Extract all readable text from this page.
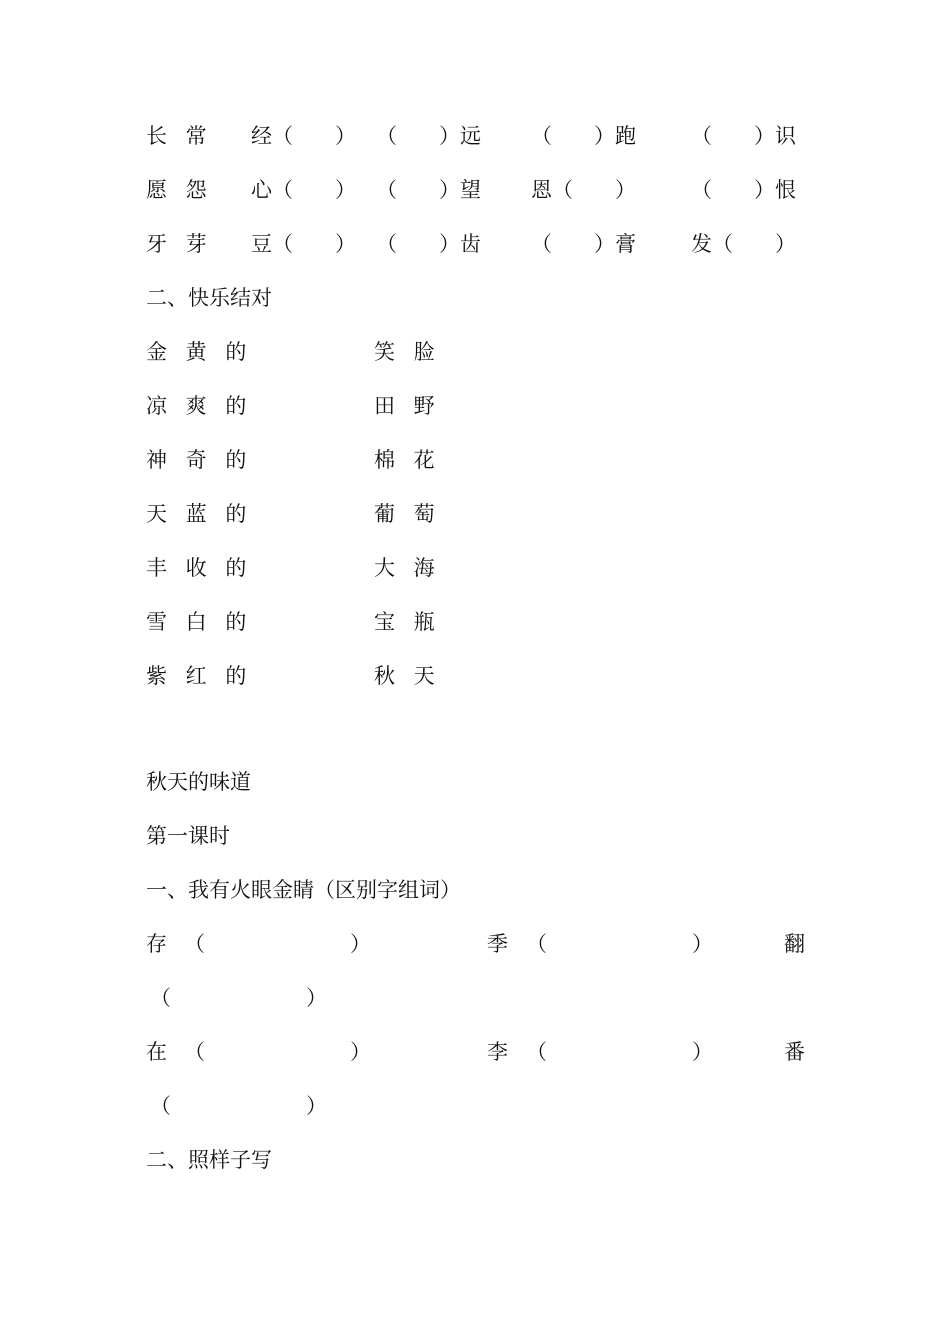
长 常 经（　　） （　　）远 （　　）跑	（　　）识
愿 怨 心（　　） （　　）望 恩（　　）	（　　）恨
牙 芽 豆（　　） （　　）齿 （　　）膏	发（　　）
二、快乐结对
金 黄 的	笑 脸
凉 爽 的	田 野
神 奇 的	棉 花
天 蓝 的	葡 萄
丰 收 的	大 海
雪 白 的	宝 瓶
紫 红 的	秋 天
秋天的味道
第一课时
一、我有火眼金睛（区别字组词）
存 （	）	季 （	）	翻
（	）
在 （	）	李 （	）	番
（	）
二、照样子写
